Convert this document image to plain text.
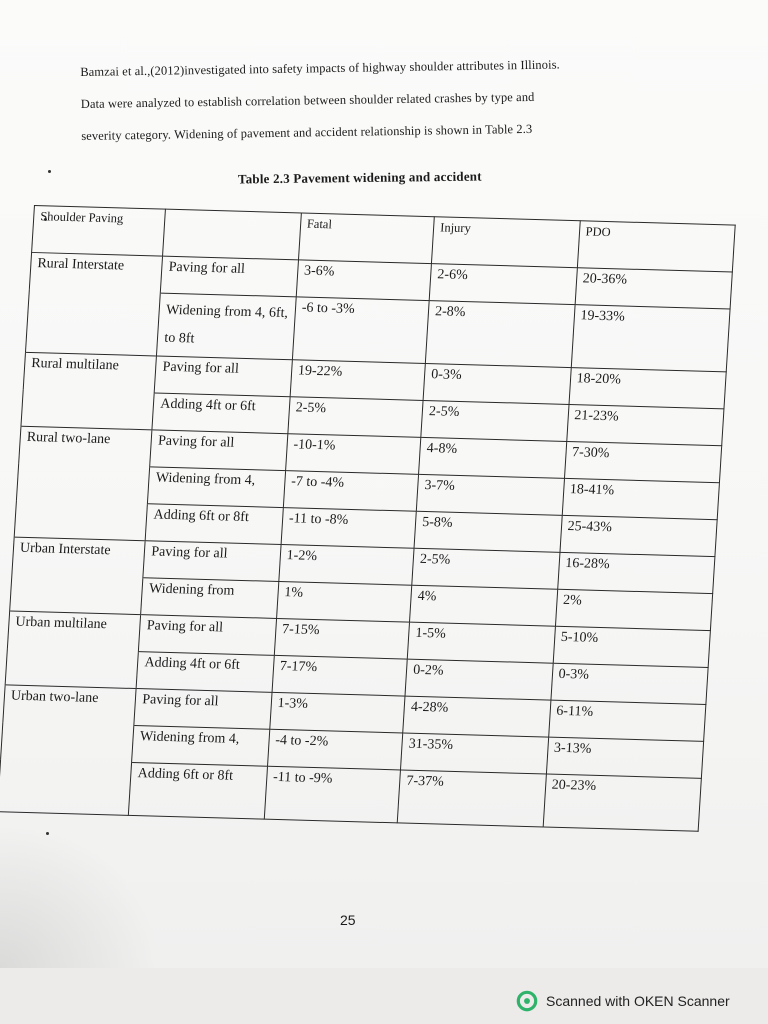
Bamzai et al.,(2012)investigated into safety impacts of highway shoulder attributes in Illinois.

Data were analyzed to establish correlation between shoulder related crashes by type and

severity category. Widening of pavement and accident relationship is shown in Table 2.3

Table 2.3 Pavement widening and accident
Shoulder Paving		Fatal	Injury	PDO
Rural Interstate	Paving for all	3-6%	2-6%	20-36%
	Widening from 4, 6ft, to 8ft	-6 to -3%	2-8%	19-33%
Rural multilane	Paving for all	19-22%	0-3%	18-20%
	Adding 4ft or 6ft	2-5%	2-5%	21-23%
Rural two-lane	Paving for all	-10-1%	4-8%	7-30%
	Widening from 4,	-7 to -4%	3-7%	18-41%
	Adding 6ft or 8ft	-11 to -8%	5-8%	25-43%
Urban Interstate	Paving for all	1-2%	2-5%	16-28%
	Widening from	1%	4%	2%
Urban multilane	Paving for all	7-15%	1-5%	5-10%
	Adding 4ft or 6ft	7-17%	0-2%	0-3%
Urban two-lane	Paving for all	1-3%	4-28%	6-11%
	Widening from 4,	-4 to -2%	31-35%	3-13%
	Adding 6ft or 8ft	-11 to -9%	7-37%	20-23%
25
Scanned with OKEN Scanner
